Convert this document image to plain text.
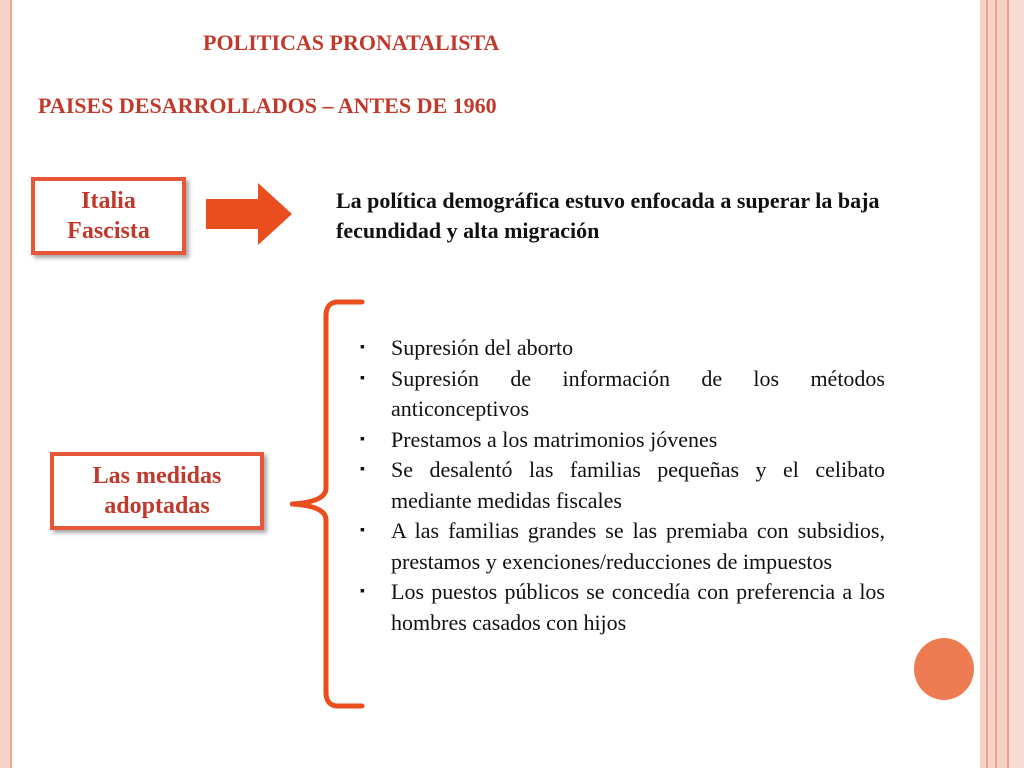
POLITICAS PRONATALISTA
PAISES DESARROLLADOS – ANTES DE 1960
Italia
Fascista
La política demográfica estuvo enfocada a superar la baja fecundidad y alta migración
Las medidas
adoptadas
▪ Supresión del aborto
▪ Supresión de información de los métodos anticonceptivos
▪ Prestamos a los matrimonios jóvenes
▪ Se desalentó las familias pequeñas y el celibato mediante medidas fiscales
▪ A las familias grandes se las premiaba con subsidios, prestamos y exenciones/reducciones de impuestos
▪ Los puestos públicos se concedía con preferencia a los hombres casados con hijos
